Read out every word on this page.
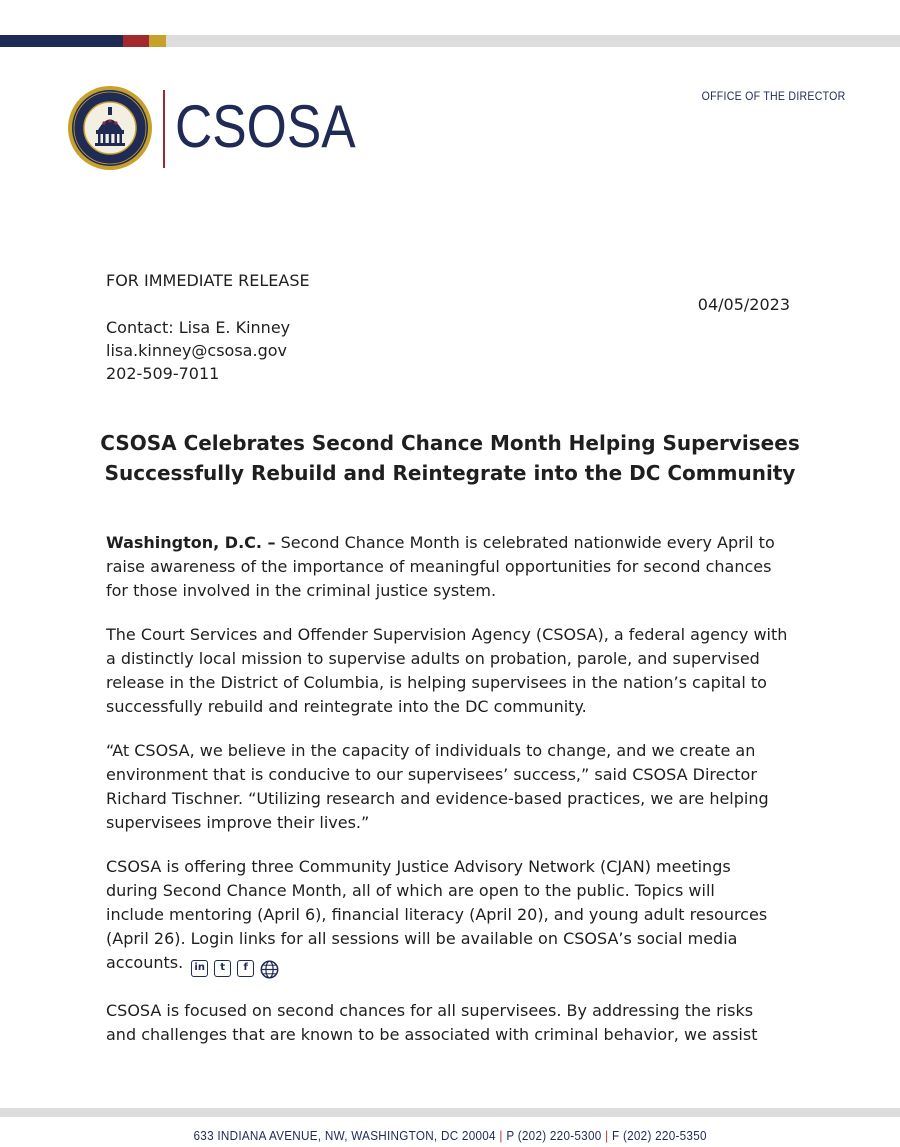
CSOSA	OFFICE OF THE DIRECTOR
FOR IMMEDIATE RELEASE
04/05/2023
Contact: Lisa E. Kinney
lisa.kinney@csosa.gov
202-509-7011
CSOSA Celebrates Second Chance Month Helping Supervisees
Successfully Rebuild and Reintegrate into the DC Community
Washington, D.C. – Second Chance Month is celebrated nationwide every April to
raise awareness of the importance of meaningful opportunities for second chances
for those involved in the criminal justice system.
The Court Services and Offender Supervision Agency (CSOSA), a federal agency with
a distinctly local mission to supervise adults on probation, parole, and supervised
release in the District of Columbia, is helping supervisees in the nation’s capital to
successfully rebuild and reintegrate into the DC community.
“At CSOSA, we believe in the capacity of individuals to change, and we create an
environment that is conducive to our supervisees’ success,” said CSOSA Director
Richard Tischner. “Utilizing research and evidence-based practices, we are helping
supervisees improve their lives.”
CSOSA is offering three Community Justice Advisory Network (CJAN) meetings
during Second Chance Month, all of which are open to the public. Topics will
include mentoring (April 6), financial literacy (April 20), and young adult resources
(April 26). Login links for all sessions will be available on CSOSA’s social media
accounts.	in	t	f
CSOSA is focused on second chances for all supervisees. By addressing the risks
and challenges that are known to be associated with criminal behavior, we assist
633 INDIANA AVENUE, NW, WASHINGTON, DC 20004 | P (202) 220-5300 | F (202) 220-5350
